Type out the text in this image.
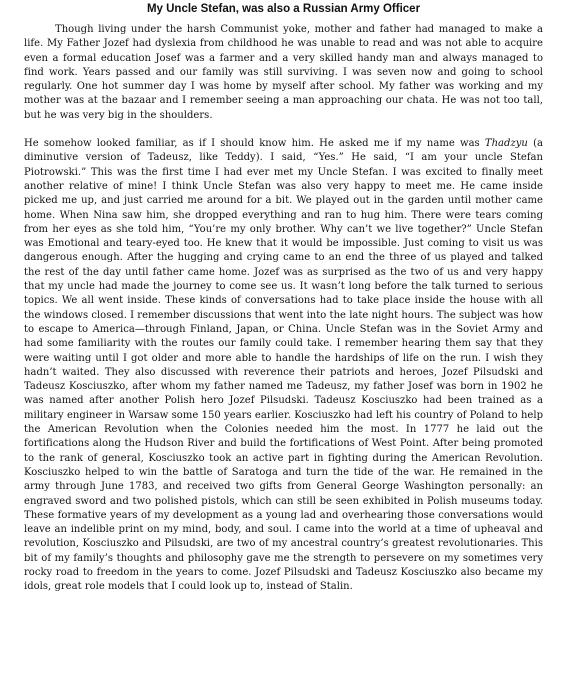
My Uncle Stefan, was also a Russian Army Officer

Though living under the harsh Communist yoke, mother and father had managed to make a life. My Father Jozef had dyslexia from childhood he was unable to read and was not able to acquire even a formal education Josef was a farmer and a very skilled handy man and always managed to find work. Years passed and our family was still surviving. I was seven now and going to school regularly. One hot summer day I was home by myself after school. My father was working and my mother was at the bazaar and I remember seeing a man approaching our chata. He was not too tall, but he was very big in the shoulders.

He somehow looked familiar, as if I should know him. He asked me if my name was Thadzyu (a diminutive version of Tadeusz, like Teddy). I said, “Yes.” He said, “I am your uncle Stefan Piotrowski.” This was the first time I had ever met my Uncle Stefan. I was excited to finally meet another relative of mine! I think Uncle Stefan was also very happy to meet me. He came inside picked me up, and just carried me around for a bit. We played out in the garden until mother came home. When Nina saw him, she dropped everything and ran to hug him. There were tears coming from her eyes as she told him, “You’re my only brother. Why can’t we live together?” Uncle Stefan was Emotional and teary-eyed too. He knew that it would be impossible. Just coming to visit us was dangerous enough. After the hugging and crying came to an end the three of us played and talked the rest of the day until father came home. Jozef was as surprised as the two of us and very happy that my uncle had made the journey to come see us. It wasn’t long before the talk turned to serious topics. We all went inside. These kinds of conversations had to take place inside the house with all the windows closed. I remember discussions that went into the late night hours. The subject was how to escape to America—through Finland, Japan, or China. Uncle Stefan was in the Soviet Army and had some familiarity with the routes our family could take. I remember hearing them say that they were waiting until I got older and more able to handle the hardships of life on the run. I wish they hadn’t waited. They also discussed with reverence their patriots and heroes, Jozef Pilsudski and Tadeusz Kosciuszko, after whom my father named me Tadeusz, my father Josef was born in 1902 he was named after another Polish hero Jozef Pilsudski. Tadeusz Kosciuszko had been trained as a military engineer in Warsaw some 150 years earlier. Kosciuszko had left his country of Poland to help the American Revolution when the Colonies needed him the most. In 1777 he laid out the fortifications along the Hudson River and build the fortifications of West Point. After being promoted to the rank of general, Kosciuszko took an active part in fighting during the American Revolution. Kosciuszko helped to win the battle of Saratoga and turn the tide of the war. He remained in the army through June 1783, and received two gifts from General George Washington personally: an engraved sword and two polished pistols, which can still be seen exhibited in Polish museums today. These formative years of my development as a young lad and overhearing those conversations would leave an indelible print on my mind, body, and soul. I came into the world at a time of upheaval and revolution, Kosciuszko and Pilsudski, are two of my ancestral country’s greatest revolutionaries. This bit of my family’s thoughts and philosophy gave me the strength to persevere on my sometimes very rocky road to freedom in the years to come. Jozef Pilsudski and Tadeusz Kosciuszko also became my idols, great role models that I could look up to, instead of Stalin.
